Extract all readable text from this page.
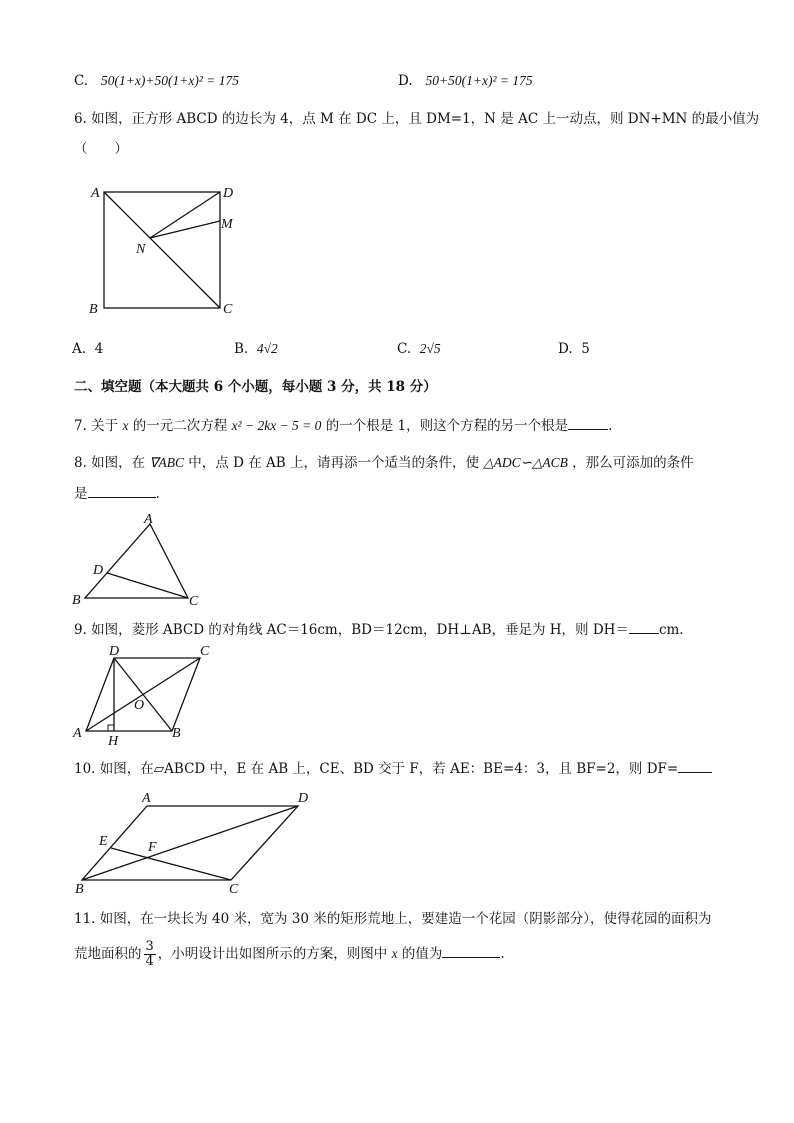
C. 50(1+x)+50(1+x)² = 175	D. 50+50(1+x)² = 175
6. 如图，正方形 ABCD 的边长为 4，点 M 在 DC 上，且 DM=1，N 是 AC 上一动点，则 DN+MN 的最小值为
（　　）
A	D
M
N
B	C
A. 4	B. 4√2	C. 2√5	D. 5
二、填空题（本大题共 6 个小题，每小题 3 分，共 18 分）
7. 关于 x 的一元二次方程 x² − 2kx − 5 = 0 的一个根是 1，则这个方程的另一个根是	.
8. 如图，在 ∇ABC 中，点 D 在 AB 上，请再添一个适当的条件，使 △ADC∽△ACB ，那么可添加的条件
是	.
A
D
B	C
9. 如图，菱形 ABCD 的对角线 AC＝16cm，BD＝12cm，DH⊥AB，垂足为 H，则 DH＝ cm.
D	C
O
A
H
B
10. 如图，在▱ABCD 中，E 在 AB 上，CE、BD 交于 F，若 AE：BE=4：3，且 BF=2，则 DF=
A	D
E	F
B	C
11. 如图，在一块长为 40 米，宽为 30 米的矩形荒地上，要建造一个花园（阴影部分），使得花园的面积为
荒地面积的 $\frac{3}{4}$ ，小明设计出如图所示的方案，则图中 x 的值为	.
